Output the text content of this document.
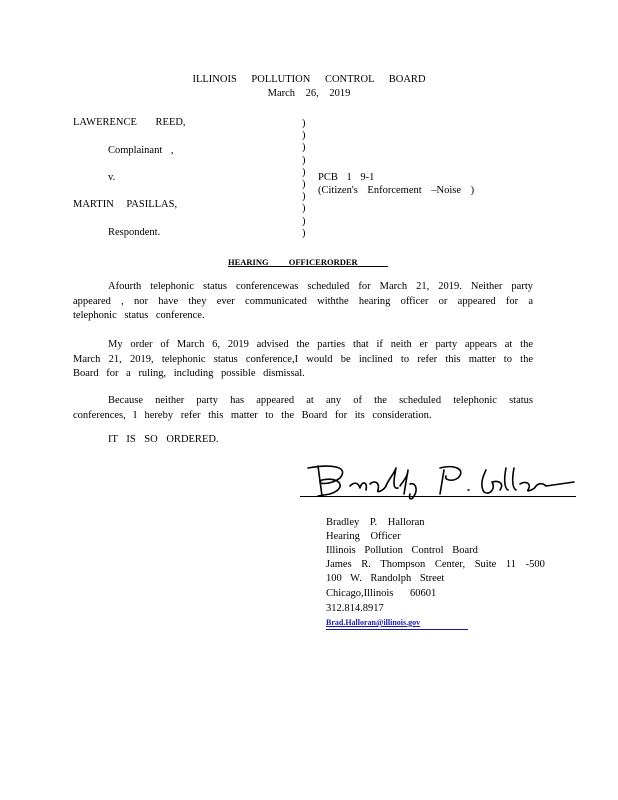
ILLINOIS POLLUTION CONTROL BOARD
March 26, 2019
LAWERENCE REED,
Complainant ,
v.
MARTIN PASILLAS,
Respondent.
)
)
)
)
)
)
)
)
)
)
PCB 1 9-1
(Citizen's Enforcement –Noise )
HEARING OFFICERORDER
Afourth telephonic status conferencewas scheduled for March 21, 2019. Neither party appeared , nor have they ever communicated withthe hearing officer or appeared for a telephonic status conference.
My order of March 6, 2019 advised the parties that if neith er party appears at the March 21, 2019, telephonic status conference,I would be inclined to refer this matter to the Board for a ruling, including possible dismissal.
Because neither party has appeared at any of the scheduled telephonic status conferences, I hereby refer this matter to the Board for its consideration.
IT IS SO ORDERED.
Bradley P. Halloran
Hearing Officer
Illinois Pollution Control Board
James R. Thompson Center, Suite 11 -500
100 W. Randolph Street
Chicago,Illinois 60601
312.814.8917
Brad.Halloran@illinois.gov
